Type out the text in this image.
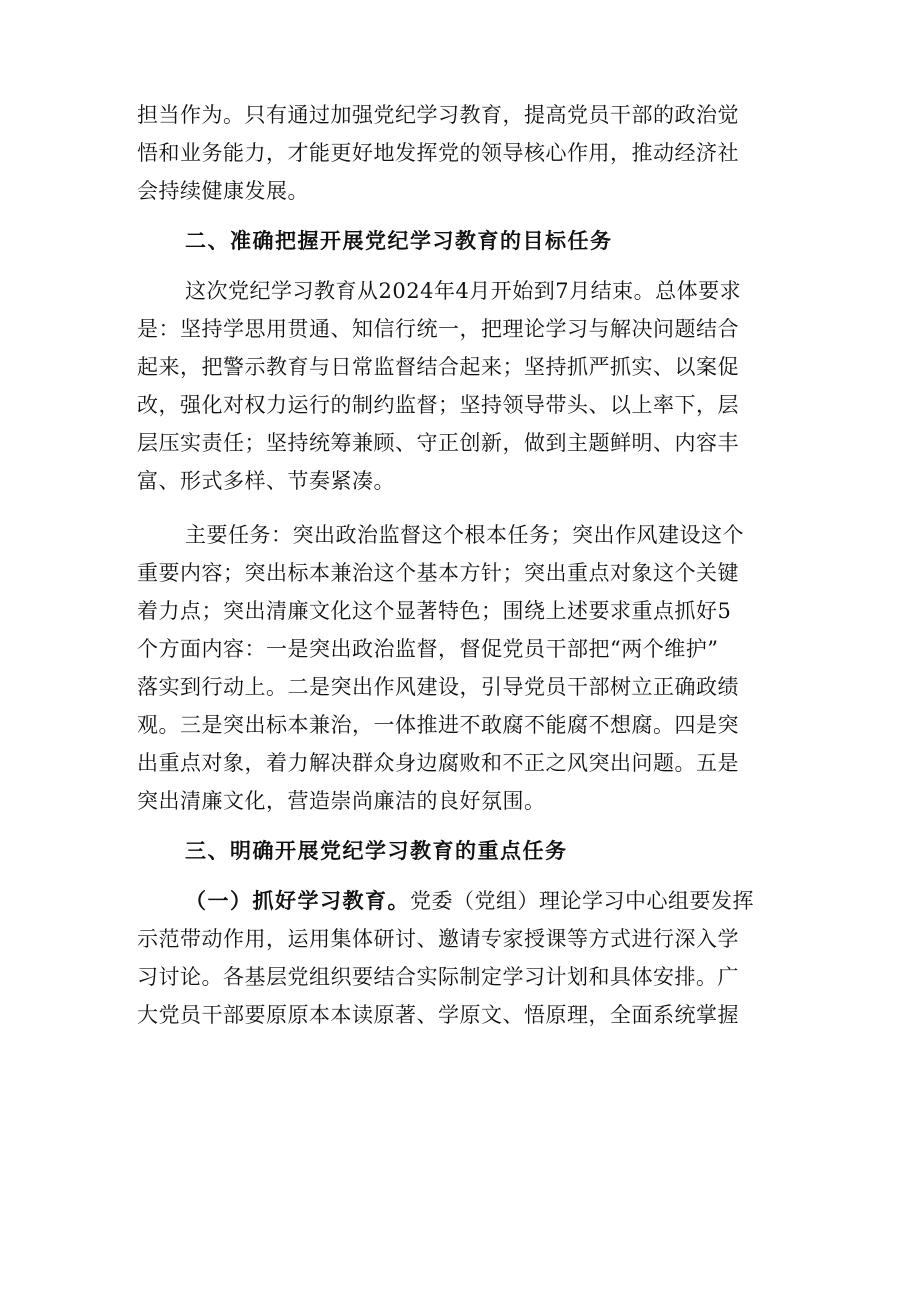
担当作为。只有通过加强党纪学习教育，提高党员干部的政治觉
悟和业务能力，才能更好地发挥党的领导核心作用，推动经济社
会持续健康发展。
二、准确把握开展党纪学习教育的目标任务
这次党纪学习教育从2024年4月开始到7月结束。总体要求
是：坚持学思用贯通、知信行统一，把理论学习与解决问题结合
起来，把警示教育与日常监督结合起来；坚持抓严抓实、以案促
改，强化对权力运行的制约监督；坚持领导带头、以上率下，层
层压实责任；坚持统筹兼顾、守正创新，做到主题鲜明、内容丰
富、形式多样、节奏紧凑。
主要任务：突出政治监督这个根本任务；突出作风建设这个
重要内容；突出标本兼治这个基本方针；突出重点对象这个关键
着力点；突出清廉文化这个显著特色；围绕上述要求重点抓好5
个方面内容：一是突出政治监督，督促党员干部把“两个维护”
落实到行动上。二是突出作风建设，引导党员干部树立正确政绩
观。三是突出标本兼治，一体推进不敢腐不能腐不想腐。四是突
出重点对象，着力解决群众身边腐败和不正之风突出问题。五是
突出清廉文化，营造崇尚廉洁的良好氛围。
三、明确开展党纪学习教育的重点任务
（一）抓好学习教育。党委（党组）理论学习中心组要发挥
示范带动作用，运用集体研讨、邀请专家授课等方式进行深入学
习讨论。各基层党组织要结合实际制定学习计划和具体安排。广
大党员干部要原原本本读原著、学原文、悟原理，全面系统掌握
